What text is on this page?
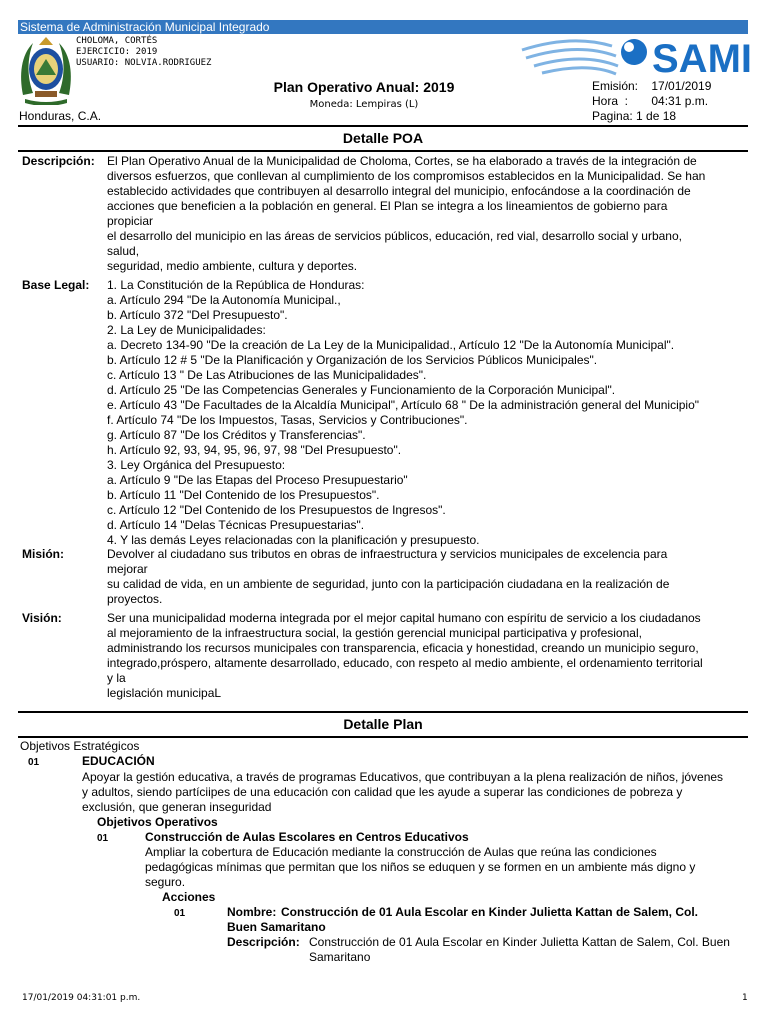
Sistema de Administración Municipal Integrado
CHOLOMA, CORTÉS
EJERCICIO: 2019
USUARIO: NOLVIA.RODRIGUEZ
Honduras, C.A.
Plan Operativo Anual: 2019
Moneda: Lempiras (L)
SAMI
Emisión:    17/01/2019
Hora  :       04:31 p.m.
Pagina: 1 de 18
Detalle POA
Descripción: El Plan Operativo Anual de la Municipalidad de Choloma, Cortes, se ha elaborado a través de la integración de
diversos esfuerzos, que conllevan al cumplimiento de los compromisos establecidos en la Municipalidad. Se han
establecido actividades que contribuyen al desarrollo integral del municipio, enfocándose a la coordinación de
acciones que beneficien a la población en general. El Plan se integra a los lineamientos de gobierno para
propiciar
el desarrollo del municipio en las áreas de servicios públicos, educación, red vial, desarrollo social y urbano,
salud,
seguridad, medio ambiente, cultura y deportes.
Base Legal: 1. La Constitución de la República de Honduras:
a. Artículo 294 "De la Autonomía Municipal.,
b. Artículo 372 "Del Presupuesto".
2. La Ley de Municipalidades:
a. Decreto 134-90 "De la creación de La Ley de la Municipalidad., Artículo 12 "De la Autonomía Municipal".
b. Artículo 12 # 5 "De la Planificación y Organización de los Servicios Públicos Municipales".
c. Artículo 13 " De Las Atribuciones de las Municipalidades".
d. Artículo 25 "De las Competencias Generales y Funcionamiento de la Corporación Municipal".
e. Artículo 43 "De Facultades de la Alcaldía Municipal", Artículo 68 " De la administración general del Municipio"
f. Artículo 74 "De los Impuestos, Tasas, Servicios y Contribuciones".
g. Artículo 87 "De los Créditos y Transferencias".
h. Artículo 92, 93, 94, 95, 96, 97, 98 "Del Presupuesto".
3. Ley Orgánica del Presupuesto:
a. Artículo 9 "De las Etapas del Proceso Presupuestario"
b. Artículo 11 "Del Contenido de los Presupuestos".
c. Artículo 12 "Del Contenido de los Presupuestos de Ingresos".
d. Artículo 14 "Delas Técnicas Presupuestarias".
4. Y las demás Leyes relacionadas con la planificación y presupuesto.
Misión:	Devolver al ciudadano sus tributos en obras de infraestructura y servicios municipales de excelencia para
mejorar
su calidad de vida, en un ambiente de seguridad, junto con la participación ciudadana en la realización de
proyectos.
Visión:	Ser una municipalidad moderna integrada por el mejor capital humano con espíritu de servicio a los ciudadanos
al mejoramiento de la infraestructura social, la gestión gerencial municipal participativa y profesional,
administrando los recursos municipales con transparencia, eficacia y honestidad, creando un municipio seguro,
integrado,próspero, altamente desarrollado, educado, con respeto al medio ambiente, el ordenamiento territorial
y la
legislación municipaL
Detalle Plan
Objetivos Estratégicos
01	EDUCACIÓN
Apoyar la gestión educativa, a través de programas Educativos, que contribuyan a la plena realización de niños, jóvenes
y adultos, siendo partíciipes de una educación con calidad que les ayude a superar las condiciones de pobreza y
exclusión, que generan inseguridad
Objetivos Operativos
01	Construcción de Aulas Escolares en Centros Educativos
Ampliar la cobertura de Educación mediante la construcción de Aulas que reúna las condiciones
pedagógicas mínimas que permitan que los niños se eduquen y se formen en un ambiente más digno y
seguro.
Acciones
01	Nombre: Construcción de 01 Aula Escolar en Kinder Julietta Kattan de Salem, Col.
Buen Samaritano
Descripción: Construcción de 01 Aula Escolar en Kinder Julietta Kattan de Salem, Col. Buen
Samaritano
17/01/2019 04:31:01 p.m.	1
